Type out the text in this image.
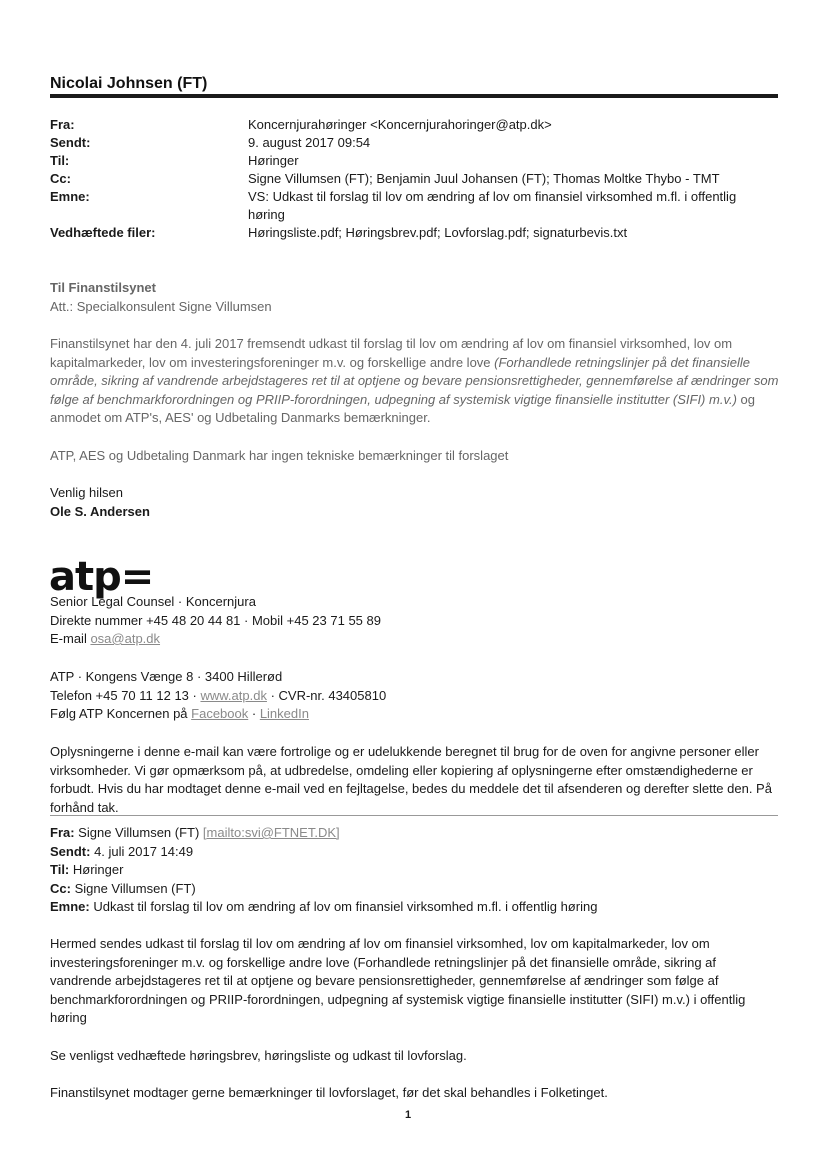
Nicolai Johnsen (FT)
Fra:	Koncernjurahøringer <Koncernjurahoringer@atp.dk>
Sendt:	9. august 2017 09:54
Til:	Høringer
Cc:	Signe Villumsen (FT); Benjamin Juul Johansen (FT); Thomas Moltke Thybo - TMT
Emne:	VS: Udkast til forslag til lov om ændring af lov om finansiel virksomhed m.fl. i offentlig høring
Vedhæftede filer:	Høringsliste.pdf; Høringsbrev.pdf; Lovforslag.pdf; signaturbevis.txt
Til Finanstilsynet
Att.: Specialkonsulent Signe Villumsen
Finanstilsynet har den 4. juli 2017 fremsendt udkast til forslag til lov om ændring af lov om finansiel virksomhed, lov om kapitalmarkeder, lov om investeringsforeninger m.v. og forskellige andre love (Forhandlede retningslinjer på det finansielle område, sikring af vandrende arbejdstageres ret til at optjene og bevare pensionsrettigheder, gennemførelse af ændringer som følge af benchmarkforordningen og PRIIP-forordningen, udpegning af systemisk vigtige finansielle institutter (SIFI) m.v.) og anmodet om ATP's, AES' og Udbetaling Danmarks bemærkninger.
ATP, AES og Udbetaling Danmark har ingen tekniske bemærkninger til forslaget
Venlig hilsen
Ole S. Andersen
atp=
Senior Legal Counsel · Koncernjura
Direkte nummer +45 48 20 44 81 · Mobil +45 23 71 55 89
E-mail osa@atp.dk
ATP · Kongens Vænge 8 · 3400 Hillerød
Telefon +45 70 11 12 13 · www.atp.dk · CVR-nr. 43405810
Følg ATP Koncernen på Facebook · LinkedIn
Oplysningerne i denne e-mail kan være fortrolige og er udelukkende beregnet til brug for de oven for angivne personer eller virksomheder. Vi gør opmærksom på, at udbredelse, omdeling eller kopiering af oplysningerne efter omstændighederne er forbudt. Hvis du har modtaget denne e-mail ved en fejltagelse, bedes du meddele det til afsenderen og derefter slette den. På forhånd tak.
Fra: Signe Villumsen (FT) [mailto:svi@FTNET.DK]
Sendt: 4. juli 2017 14:49
Til: Høringer
Cc: Signe Villumsen (FT)
Emne: Udkast til forslag til lov om ændring af lov om finansiel virksomhed m.fl. i offentlig høring
Hermed sendes udkast til forslag til lov om ændring af lov om finansiel virksomhed, lov om kapitalmarkeder, lov om investeringsforeninger m.v. og forskellige andre love (Forhandlede retningslinjer på det finansielle område, sikring af vandrende arbejdstageres ret til at optjene og bevare pensionsrettigheder, gennemførelse af ændringer som følge af benchmarkforordningen og PRIIP-forordningen, udpegning af systemisk vigtige finansielle institutter (SIFI) m.v.) i offentlig høring
Se venligst vedhæftede høringsbrev, høringsliste og udkast til lovforslag.
Finanstilsynet modtager gerne bemærkninger til lovforslaget, før det skal behandles i Folketinget.
1
